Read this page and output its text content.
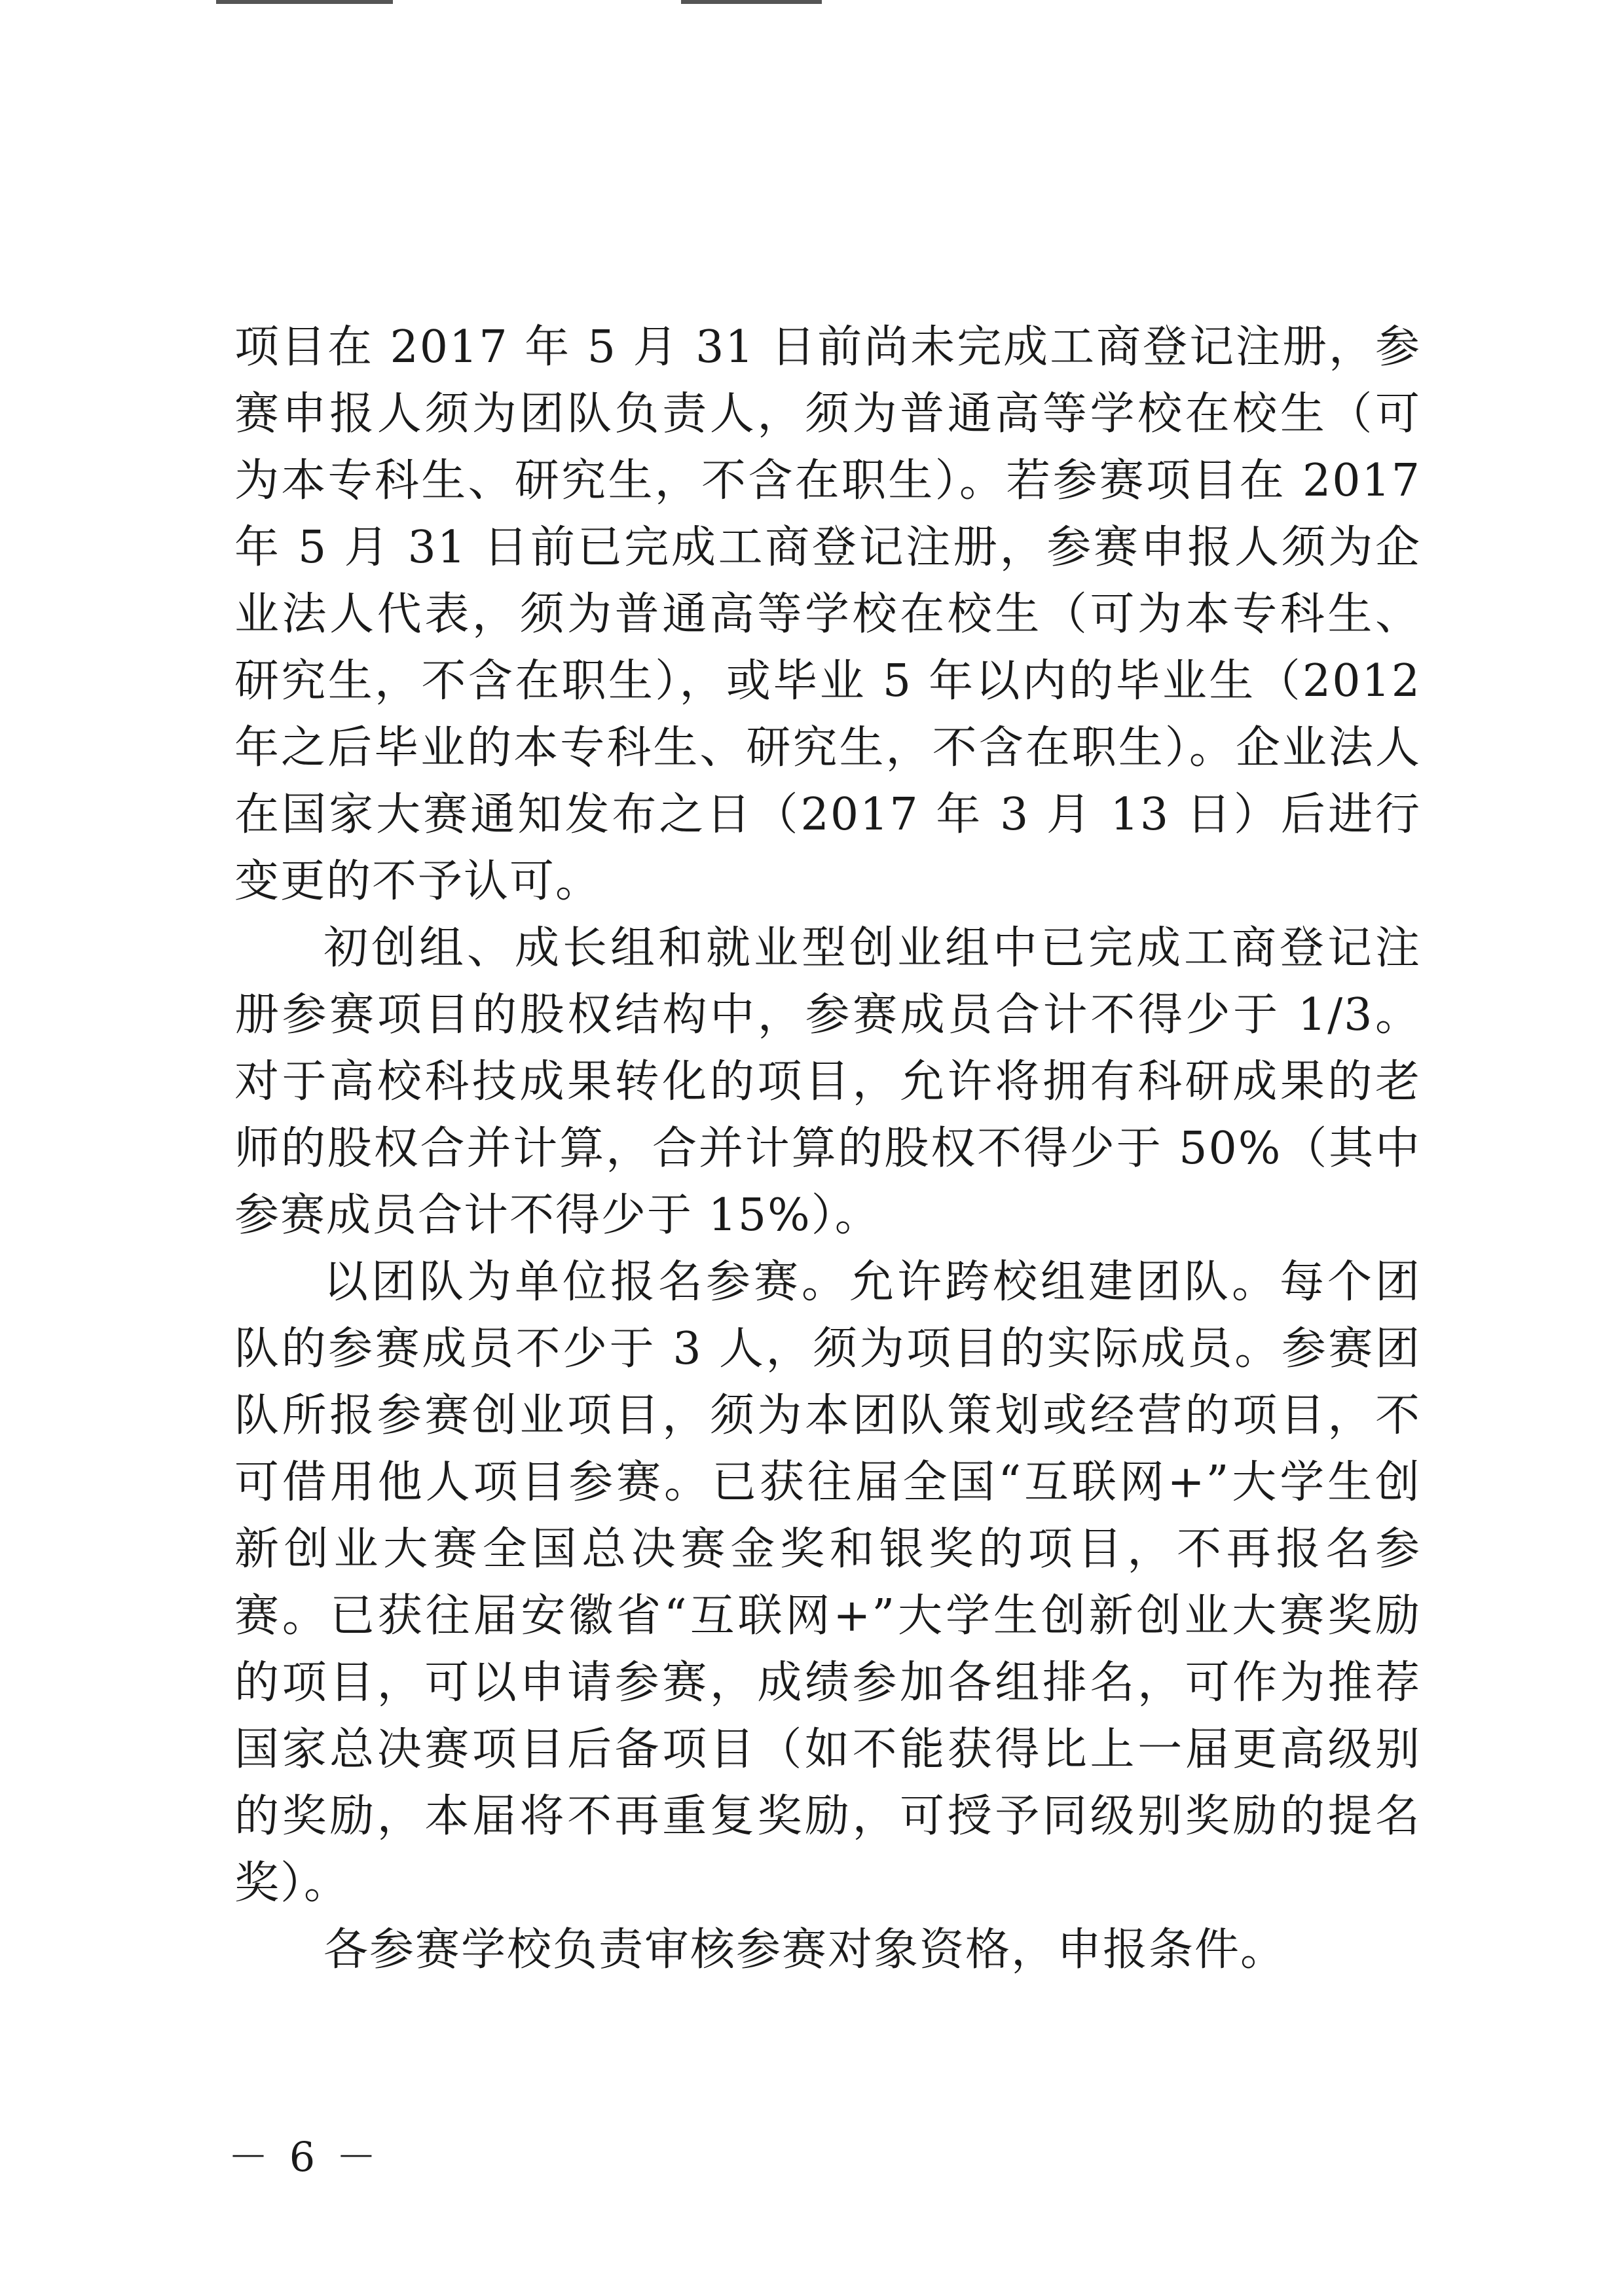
项目在 2017 年 5 月 31 日前尚未完成工商登记注册，参赛申报人须为团队负责人，须为普通高等学校在校生（可为本专科生、研究生，不含在职生）。若参赛项目在 2017 年 5 月 31 日前已完成工商登记注册，参赛申报人须为企业法人代表，须为普通高等学校在校生（可为本专科生、研究生，不含在职生），或毕业 5 年以内的毕业生（2012 年之后毕业的本专科生、研究生，不含在职生）。企业法人在国家大赛通知发布之日（2017 年 3 月 13 日）后进行变更的不予认可。

初创组、成长组和就业型创业组中已完成工商登记注册参赛项目的股权结构中，参赛成员合计不得少于 1/3。对于高校科技成果转化的项目，允许将拥有科研成果的老师的股权合并计算，合并计算的股权不得少于 50%（其中参赛成员合计不得少于 15%）。

以团队为单位报名参赛。允许跨校组建团队。每个团队的参赛成员不少于 3 人，须为项目的实际成员。参赛团队所报参赛创业项目，须为本团队策划或经营的项目，不可借用他人项目参赛。已获往届全国“互联网+”大学生创新创业大赛全国总决赛金奖和银奖的项目，不再报名参赛。已获往届安徽省“互联网+”大学生创新创业大赛奖励的项目，可以申请参赛，成绩参加各组排名，可作为推荐国家总决赛项目后备项目（如不能获得比上一届更高级别的奖励，本届将不再重复奖励，可授予同级别奖励的提名奖）。

各参赛学校负责审核参赛对象资格，申报条件。

－ 6 －
